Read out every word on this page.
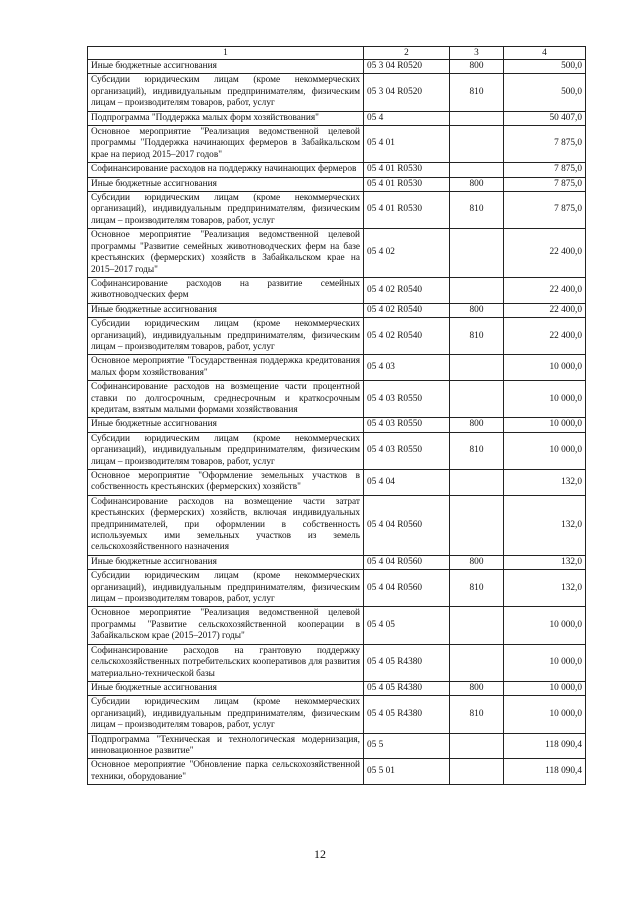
1	2	3	4
Иные бюджетные ассигнования	05 3 04 R0520	800	500,0
Субсидии юридическим лицам (кроме некоммерческих организаций), индивидуальным предпринимателям, физическим лицам – производителям товаров, работ, услуг	05 3 04 R0520	810	500,0
Подпрограмма "Поддержка малых форм хозяйствования"	05 4		50 407,0
Основное мероприятие "Реализация ведомственной целевой программы "Поддержка начинающих фермеров в Забайкальском крае на период 2015–2017 годов"	05 4 01		7 875,0
Софинансирование расходов на поддержку начинающих фермеров	05 4 01 R0530		7 875,0
Иные бюджетные ассигнования	05 4 01 R0530	800	7 875,0
Субсидии юридическим лицам (кроме некоммерческих организаций), индивидуальным предпринимателям, физическим лицам – производителям товаров, работ, услуг	05 4 01 R0530	810	7 875,0
Основное мероприятие "Реализация ведомственной целевой программы "Развитие семейных животноводческих ферм на базе крестьянских (фермерских) хозяйств в Забайкальском крае на 2015–2017 годы"	05 4 02		22 400,0
Софинансирование расходов на развитие семейных животноводческих ферм	05 4 02 R0540		22 400,0
Иные бюджетные ассигнования	05 4 02 R0540	800	22 400,0
Субсидии юридическим лицам (кроме некоммерческих организаций), индивидуальным предпринимателям, физическим лицам – производителям товаров, работ, услуг	05 4 02 R0540	810	22 400,0
Основное мероприятие "Государственная поддержка кредитования малых форм хозяйствования"	05 4 03		10 000,0
Софинансирование расходов на возмещение части процентной ставки по долгосрочным, среднесрочным и краткосрочным кредитам, взятым малыми формами хозяйствования	05 4 03 R0550		10 000,0
Иные бюджетные ассигнования	05 4 03 R0550	800	10 000,0
Субсидии юридическим лицам (кроме некоммерческих организаций), индивидуальным предпринимателям, физическим лицам – производителям товаров, работ, услуг	05 4 03 R0550	810	10 000,0
Основное мероприятие "Оформление земельных участков в собственность крестьянских (фермерских) хозяйств"	05 4 04		132,0
Софинансирование расходов на возмещение части затрат крестьянских (фермерских) хозяйств, включая индивидуальных предпринимателей, при оформлении в собственность используемых ими земельных участков из земель сельскохозяйственного назначения	05 4 04 R0560		132,0
Иные бюджетные ассигнования	05 4 04 R0560	800	132,0
Субсидии юридическим лицам (кроме некоммерческих организаций), индивидуальным предпринимателям, физическим лицам – производителям товаров, работ, услуг	05 4 04 R0560	810	132,0
Основное мероприятие "Реализация ведомственной целевой программы "Развитие сельскохозяйственной кооперации в Забайкальском крае (2015–2017) годы"	05 4 05		10 000,0
Софинансирование расходов на грантовую поддержку сельскохозяйственных потребительских кооперативов для развития материально-технической базы	05 4 05 R4380		10 000,0
Иные бюджетные ассигнования	05 4 05 R4380	800	10 000,0
Субсидии юридическим лицам (кроме некоммерческих организаций), индивидуальным предпринимателям, физическим лицам – производителям товаров, работ, услуг	05 4 05 R4380	810	10 000,0
Подпрограмма "Техническая и технологическая модернизация, инновационное развитие"	05 5		118 090,4
Основное мероприятие "Обновление парка сельскохозяйственной техники, оборудование"	05 5 01		118 090,4
12
